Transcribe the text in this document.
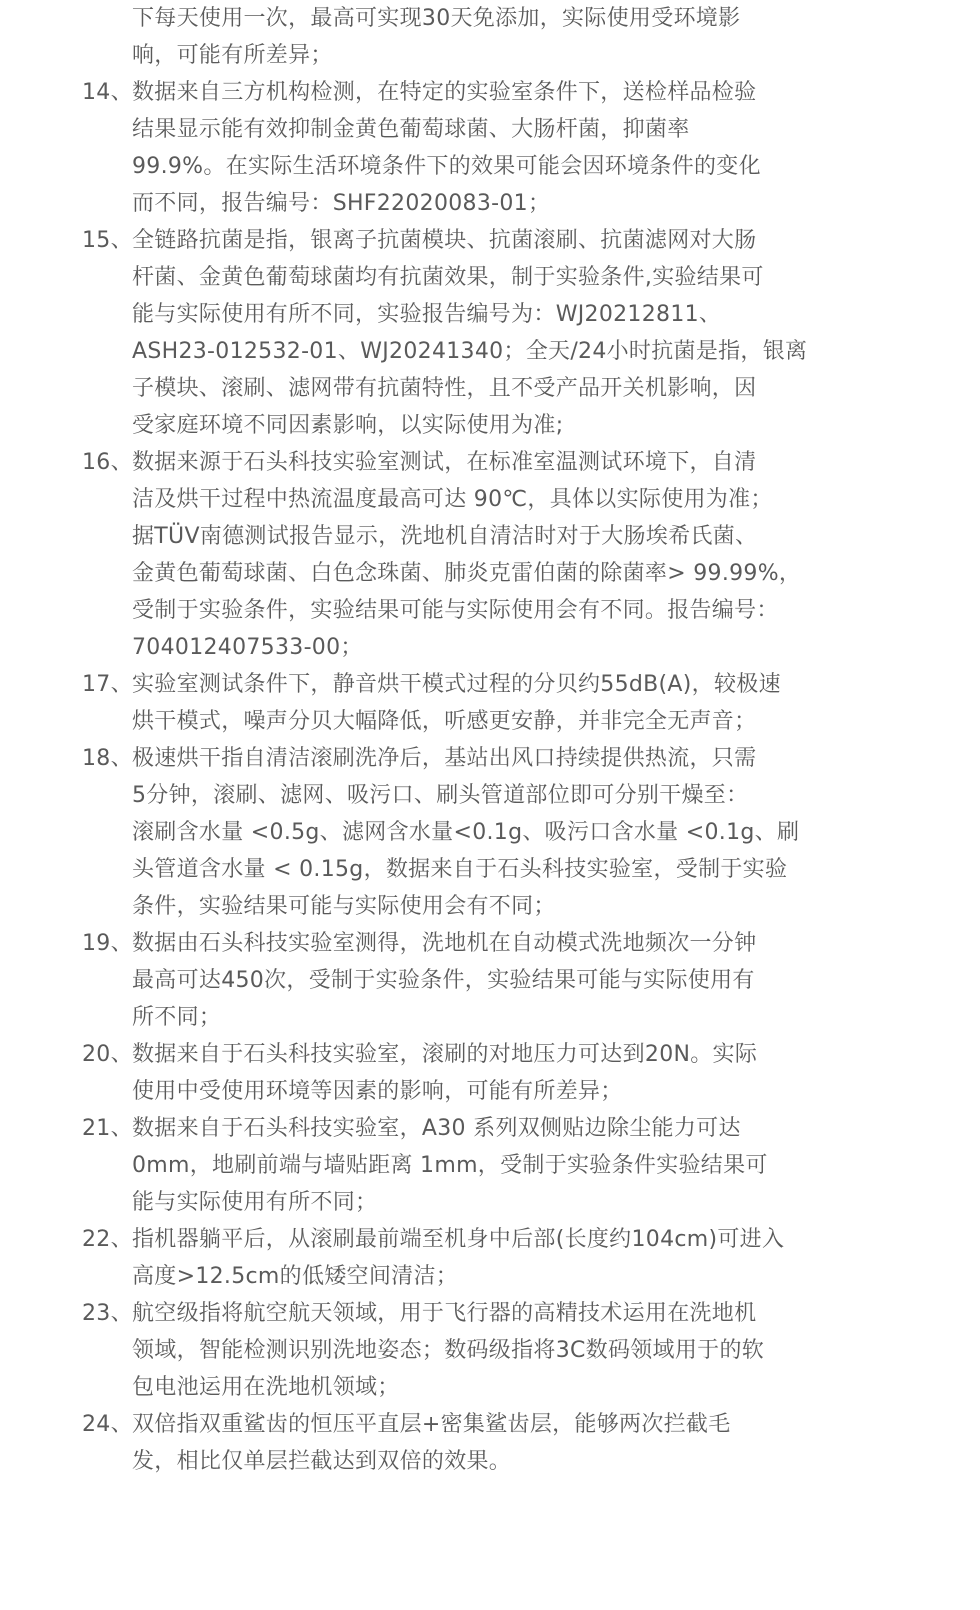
下每天使用一次，最高可实现30天免添加，实际使用受环境影
响，可能有所差异；
14、 数据来自三方机构检测，在特定的实验室条件下，送检样品检验
结果显示能有效抑制金黄色葡萄球菌、大肠杆菌，抑菌率
99.9%。在实际生活环境条件下的效果可能会因环境条件的变化
而不同，报告编号：SHF22020083-01；
15、 全链路抗菌是指，银离子抗菌模块、抗菌滚刷、抗菌滤网对大肠
杆菌、金黄色葡萄球菌均有抗菌效果，制于实验条件,实验结果可
能与实际使用有所不同，实验报告编号为：WJ20212811、
ASH23-012532-01、WJ20241340；全天/24小时抗菌是指，银离
子模块、滚刷、滤网带有抗菌特性，且不受产品开关机影响，因
受家庭环境不同因素影响，以实际使用为准;
16、 数据来源于石头科技实验室测试，在标准室温测试环境下，自清
洁及烘干过程中热流温度最高可达 90℃，具体以实际使用为准；
据TÜV南德测试报告显示，洗地机自清洁时对于大肠埃希氏菌、
金黄色葡萄球菌、白色念珠菌、肺炎克雷伯菌的除菌率> 99.99%，
受制于实验条件，实验结果可能与实际使用会有不同。报告编号：
704012407533-00；
17、 实验室测试条件下，静音烘干模式过程的分贝约55dB(A)，较极速
烘干模式，噪声分贝大幅降低，听感更安静，并非完全无声音；
18、 极速烘干指自清洁滚刷洗净后，基站出风口持续提供热流，只需
5分钟，滚刷、滤网、吸污口、刷头管道部位即可分别干燥至：
滚刷含水量 <0.5g、滤网含水量<0.1g、吸污口含水量 <0.1g、刷
头管道含水量 < 0.15g，数据来自于石头科技实验室，受制于实验
条件，实验结果可能与实际使用会有不同；
19、 数据由石头科技实验室测得，洗地机在自动模式洗地频次一分钟
最高可达450次，受制于实验条件，实验结果可能与实际使用有
所不同；
20、 数据来自于石头科技实验室，滚刷的对地压力可达到20N。实际
使用中受使用环境等因素的影响，可能有所差异；
21、 数据来自于石头科技实验室，A30 系列双侧贴边除尘能力可达
0mm，地刷前端与墙贴距离 1mm，受制于实验条件实验结果可
能与实际使用有所不同；
22、 指机器躺平后，从滚刷最前端至机身中后部(长度约104cm)可进入
高度>12.5cm的低矮空间清洁；
23、 航空级指将航空航天领域，用于飞行器的高精技术运用在洗地机
领域，智能检测识别洗地姿态；数码级指将3C数码领域用于的软
包电池运用在洗地机领域；
24、 双倍指双重鲨齿的恒压平直层+密集鲨齿层，能够两次拦截毛
发，相比仅单层拦截达到双倍的效果。
